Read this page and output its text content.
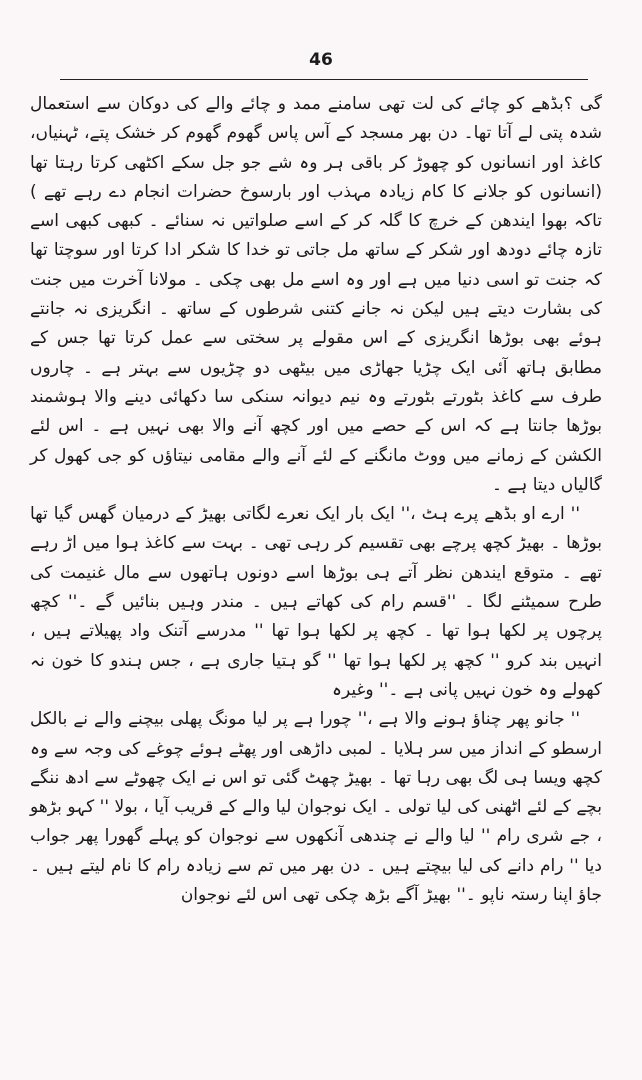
46

گی ؟بڈھے کو چائے کی لت تھی سامنے ممد و چائے والے کی دوکان سے استعمال شدہ پتی لے آتا تھا۔ دن بھر مسجد کے آس پاس گھوم گھوم کر خشک پتے، ٹہنیاں، کاغذ اور انسانوں کو چھوڑ کر باقی ہر وہ شے جو جل سکے اکٹھی کرتا رہتا تھا (انسانوں کو جلانے کا کام زیادہ مہذب اور بارسوخ حضرات انجام دے رہے تھے ) تاکہ بھوا ایندھن کے خرچ کا گلہ کر کے اسے صلواتیں نہ سنائے ۔ کبھی کبھی اسے تازہ چائے دودھ اور شکر کے ساتھ مل جاتی تو خدا کا شکر ادا کرتا اور سوچتا تھا کہ جنت تو اسی دنیا میں ہے اور وہ اسے مل بھی چکی ۔ مولانا آخرت میں جنت کی بشارت دیتے ہیں لیکن نہ جانے کتنی شرطوں کے ساتھ ۔ انگریزی نہ جانتے ہوئے بھی بوڑھا انگریزی کے اس مقولے پر سختی سے عمل کرتا تھا جس کے مطابق ہاتھ آئی ایک چڑیا جھاڑی میں بیٹھی دو چڑیوں سے بہتر ہے ۔ چاروں طرف سے کاغذ بٹورتے بٹورتے وہ نیم دیوانہ سنکی سا دکھائی دینے والا ہوشمند بوڑھا جانتا ہے کہ اس کے حصے میں اور کچھ آنے والا بھی نہیں ہے ۔ اس لئے الکشن کے زمانے میں ووٹ مانگنے کے لئے آنے والے مقامی نیتاؤں کو جی کھول کر گالیاں دیتا ہے ۔

'' ارے او بڈھے پرے ہٹ ،'' ایک بار ایک نعرے لگاتی بھیڑ کے درمیان گھس گیا تھا بوڑھا ۔ بھیڑ کچھ پرچے بھی تقسیم کر رہی تھی ۔ بہت سے کاغذ ہوا میں اڑ رہے تھے ۔ متوقع ایندھن نظر آتے ہی بوڑھا اسے دونوں ہاتھوں سے مال غنیمت کی طرح سمیٹنے لگا ۔ ''قسم رام کی کھاتے ہیں ۔ مندر وہیں بنائیں گے ۔'' کچھ پرچوں پر لکھا ہوا تھا ۔ کچھ پر لکھا ہوا تھا '' مدرسے آتنک واد پھیلاتے ہیں ، انہیں بند کرو '' کچھ پر لکھا ہوا تھا '' گو ہتیا جاری ہے ، جس ہندو کا خون نہ کھولے وہ خون نہیں پانی ہے ۔'' وغیرہ

'' جانو پھر چناؤ ہونے والا ہے ،'' چورا ہے پر لیا مونگ پھلی بیچنے والے نے بالکل ارسطو کے انداز میں سر ہلایا ۔ لمبی داڑھی اور پھٹے ہوئے چوغے کی وجہ سے وہ کچھ ویسا ہی لگ بھی رہا تھا ۔ بھیڑ چھٹ گئی تو اس نے ایک چھوٹے سے ادھ ننگے بچے کے لئے اٹھنی کی لیا تولی ۔ ایک نوجوان لیا والے کے قریب آیا ، بولا '' کہو بڑھو ، جے شری رام '' لیا والے نے چندھی آنکھوں سے نوجوان کو پہلے گھورا پھر جواب دیا '' رام دانے کی لیا بیچتے ہیں ۔ دن بھر میں تم سے زیادہ رام کا نام لیتے ہیں ۔ جاؤ اپنا رستہ ناپو ۔'' بھیڑ آگے بڑھ چکی تھی اس لئے نوجوان
